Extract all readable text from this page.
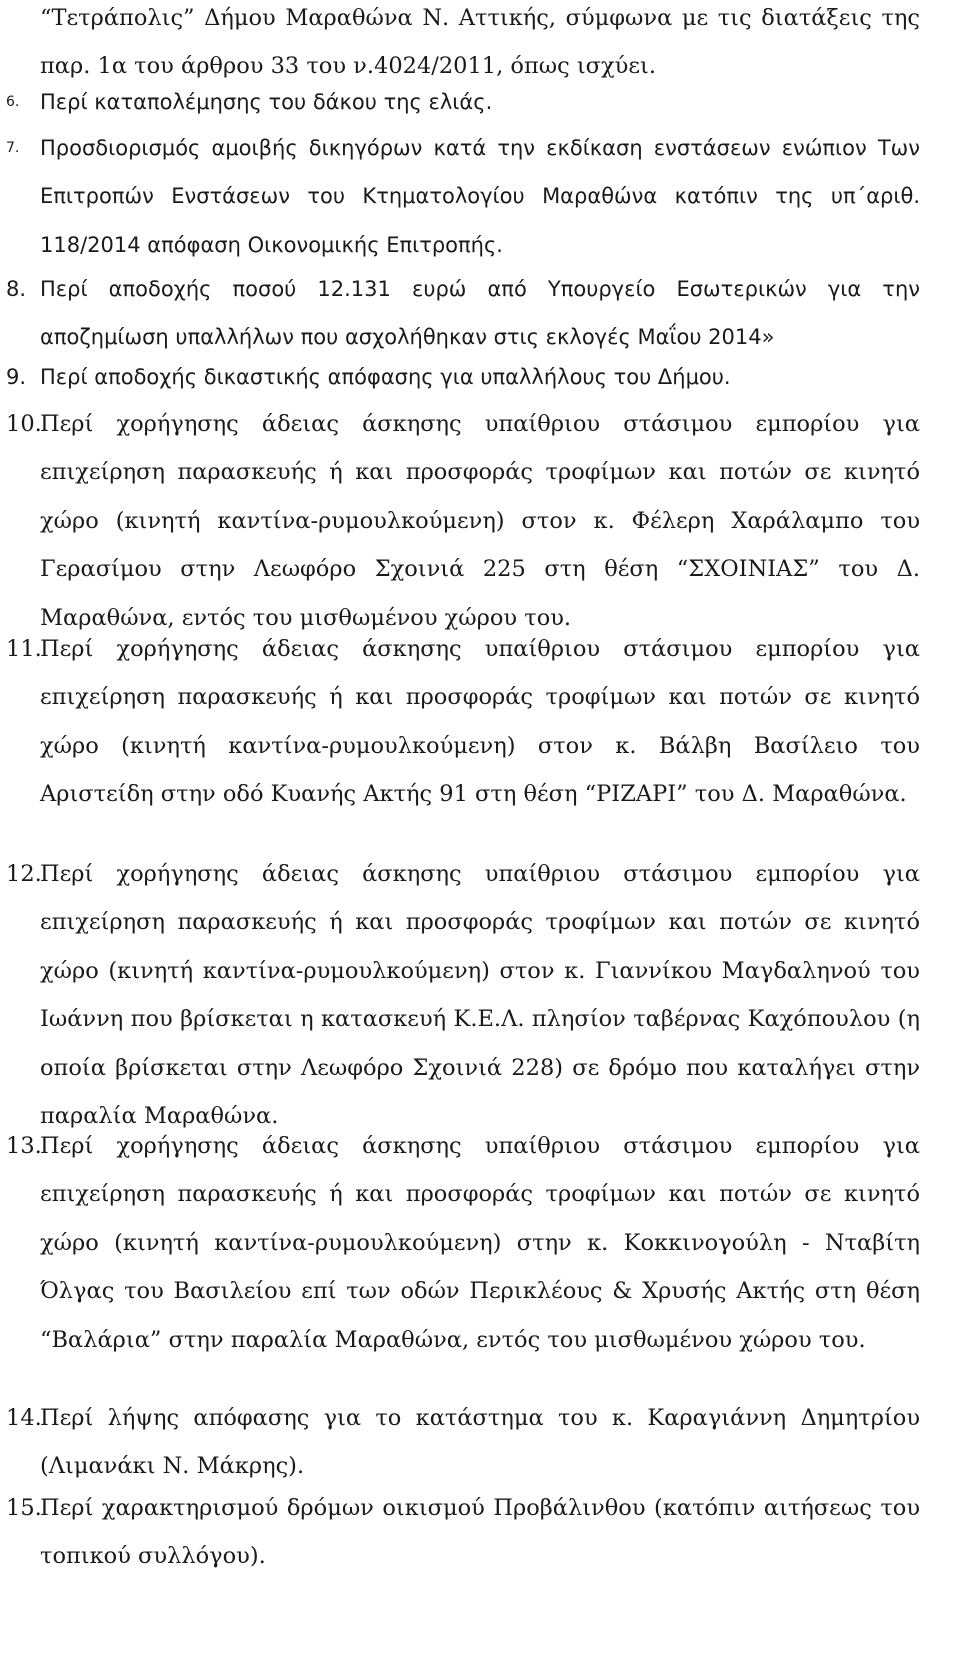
“Τετράπολις” Δήμου Μαραθώνα Ν. Αττικής, σύμφωνα με τις διατάξεις της παρ. 1α του άρθρου 33 του ν.4024/2011, όπως ισχύει.
6. Περί καταπολέμησης του δάκου της ελιάς.
7. Προσδιορισμός αμοιβής δικηγόρων κατά την εκδίκαση ενστάσεων ενώπιον Των Επιτροπών Ενστάσεων του Κτηματολογίου Μαραθώνα κατόπιν της υπ΄αριθ. 118/2014 απόφαση Οικονομικής Επιτροπής.
8. Περί αποδοχής ποσού 12.131 ευρώ από Υπουργείο Εσωτερικών για την αποζημίωση υπαλλήλων που ασχολήθηκαν στις εκλογές Μαΐου 2014»
9. Περί αποδοχής δικαστικής απόφασης για υπαλλήλους του Δήμου.
10.
Περί χορήγησης άδειας άσκησης υπαίθριου στάσιμου εμπορίου για επιχείρηση παρασκευής ή και προσφοράς τροφίμων και ποτών σε κινητό χώρο (κινητή καντίνα-ρυμουλκούμενη) στον κ. Φέλερη Χαράλαμπο του Γερασίμου στην Λεωφόρο Σχοινιά 225 στη θέση “ΣΧΟΙΝΙΑΣ” του Δ. Μαραθώνα, εντός του μισθωμένου χώρου του.
11.
Περί χορήγησης άδειας άσκησης υπαίθριου στάσιμου εμπορίου για επιχείρηση παρασκευής ή και προσφοράς τροφίμων και ποτών σε κινητό χώρο (κινητή καντίνα-ρυμουλκούμενη) στον κ. Βάλβη Βασίλειο του Αριστείδη στην οδό Κυανής Ακτής 91 στη θέση “ΡΙΖΑΡΙ” του Δ. Μαραθώνα.
12.
Περί χορήγησης άδειας άσκησης υπαίθριου στάσιμου εμπορίου για επιχείρηση παρασκευής ή και προσφοράς τροφίμων και ποτών σε κινητό χώρο (κινητή καντίνα-ρυμουλκούμενη) στον κ. Γιαννίκου Μαγδαληνού του Ιωάννη που βρίσκεται η κατασκευή Κ.Ε.Λ. πλησίον ταβέρνας Καχόπουλου (η οποία βρίσκεται στην Λεωφόρο Σχοινιά 228) σε δρόμο που καταλήγει στην παραλία Μαραθώνα.
13.
Περί χορήγησης άδειας άσκησης υπαίθριου στάσιμου εμπορίου για επιχείρηση παρασκευής ή και προσφοράς τροφίμων και ποτών σε κινητό χώρο (κινητή καντίνα-ρυμουλκούμενη) στην κ. Κοκκινογούλη - Νταβίτη Όλγας του Βασιλείου επί των οδών Περικλέους & Χρυσής Ακτής στη θέση “Βαλάρια” στην παραλία Μαραθώνα, εντός του μισθωμένου χώρου του.
14.
Περί λήψης απόφασης για το κατάστημα του κ. Καραγιάννη Δημητρίου (Λιμανάκι Ν. Μάκρης).
15.
Περί χαρακτηρισμού δρόμων οικισμού Προβάλινθου (κατόπιν αιτήσεως του τοπικού συλλόγου).
